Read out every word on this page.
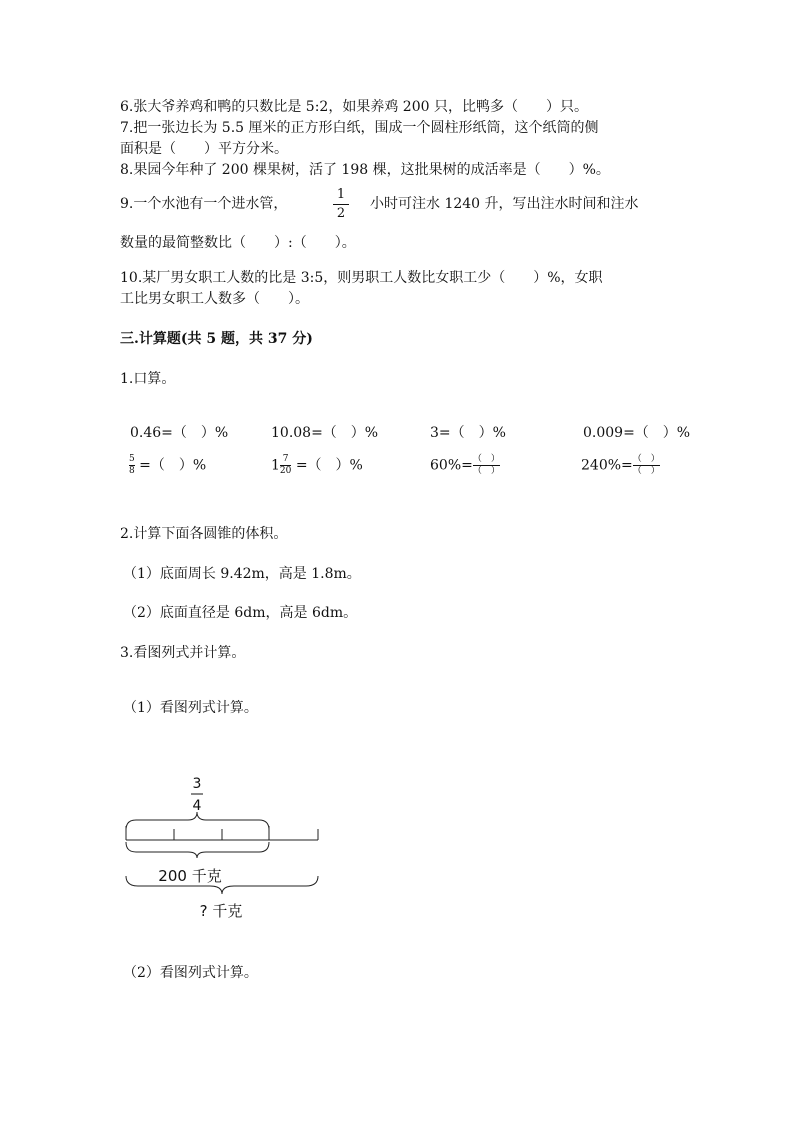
6.张大爷养鸡和鸭的只数比是 5:2，如果养鸡 200 只，比鸭多（　　）只。
7.把一张边长为 5.5 厘米的正方形白纸，围成一个圆柱形纸筒，这个纸筒的侧
面积是（　　）平方分米。
8.果园今年种了 200 棵果树，活了 198 棵，这批果树的成活率是（　　）%。
9.一个水池有一个进水管，
1
2
小时可注水 1240 升，写出注水时间和注水
数量的最简整数比（　　）:（　　）。
10.某厂男女职工人数的比是 3:5，则男职工人数比女职工少（　　）%，女职
工比男女职工人数多（　　）。
三.计算题(共 5 题，共 37 分)
1.口算。
0.46=（　）%	10.08=（　）%	3=（　）%	0.009=（　）%
$\frac{5}{8}$ =（　）%	$1\frac{7}{20}$ =（　）%	$60\%=\frac{( )}{( )}$	$240\%=\frac{( )}{( )}$
2.计算下面各圆锥的体积。
（1）底面周长 9.42m，高是 1.8m。
（2）底面直径是 6dm，高是 6dm。
3.看图列式并计算。
（1）看图列式计算。
3
4
200 千克
? 千克
（2）看图列式计算。
